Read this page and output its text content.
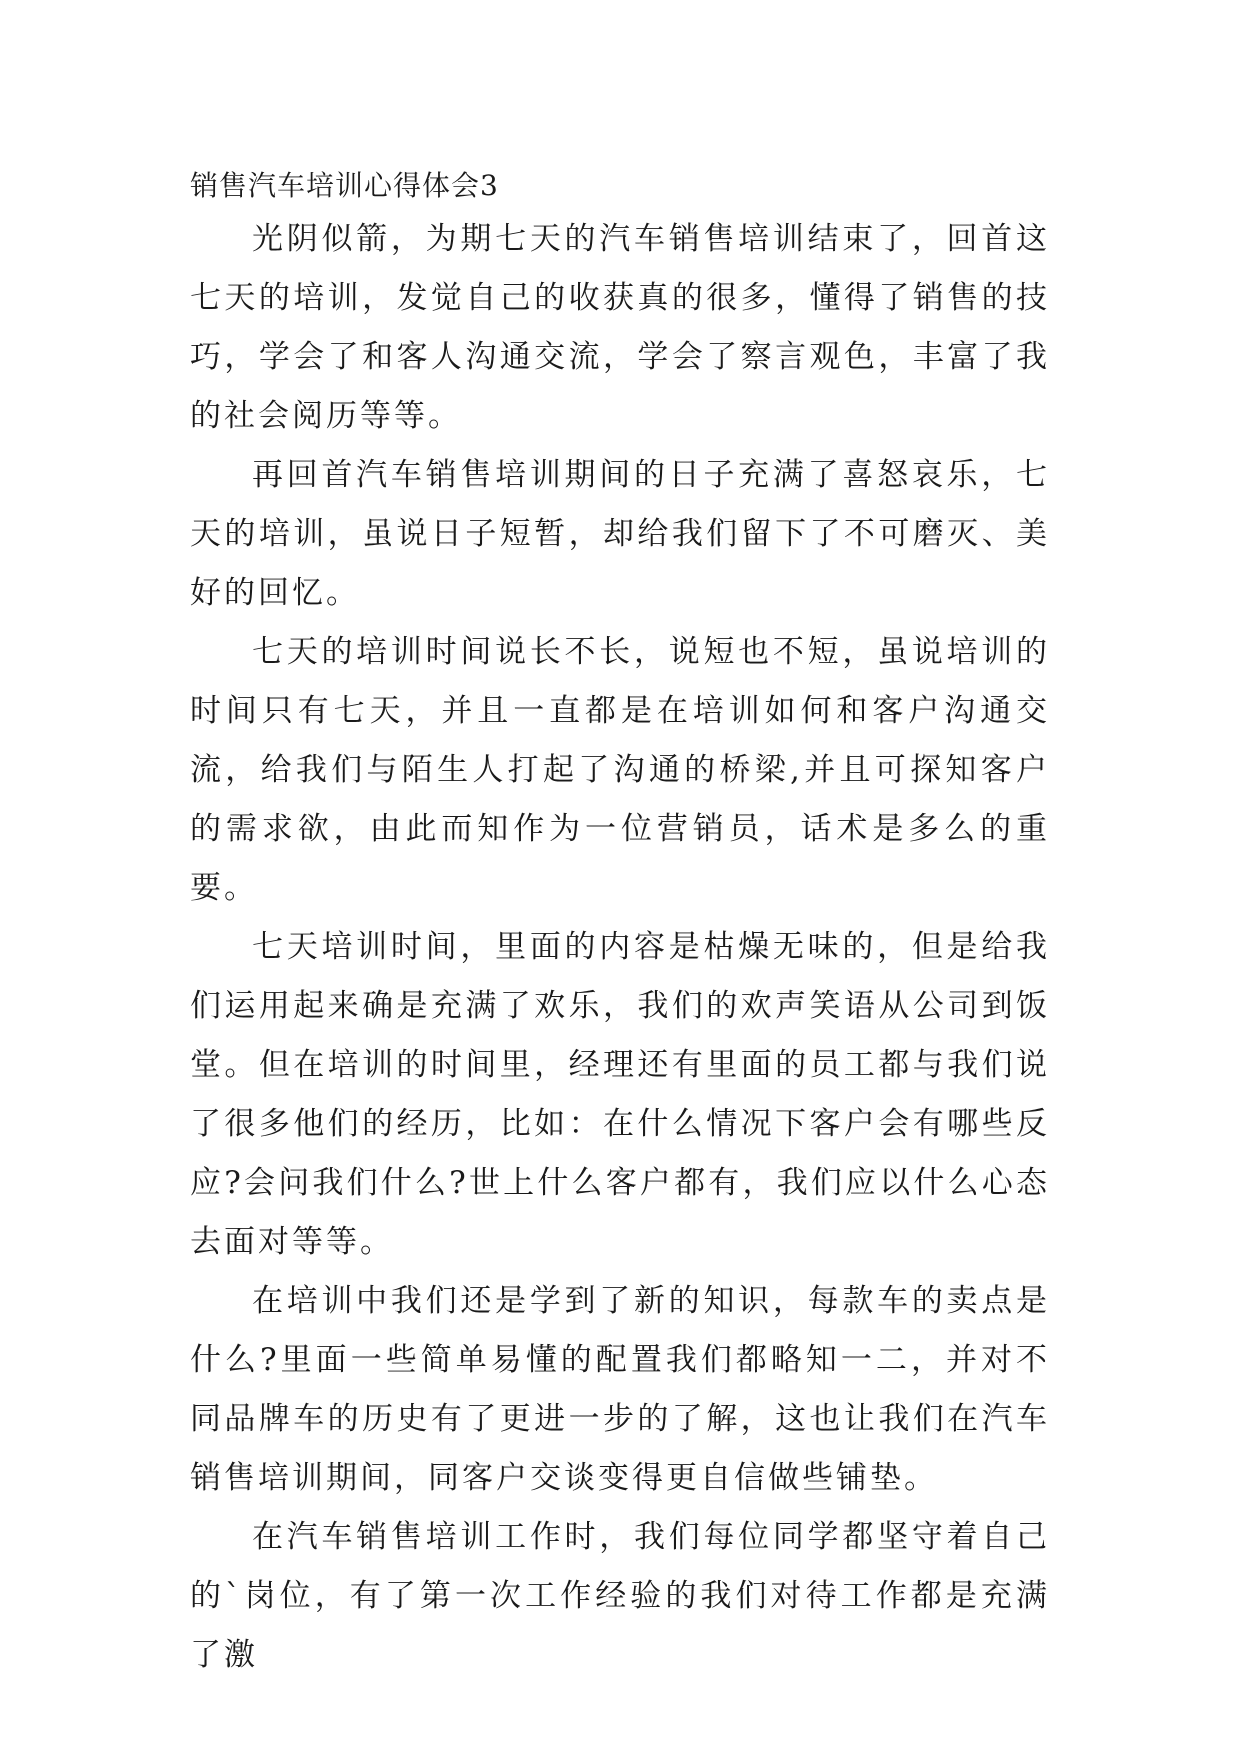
销售汽车培训心得体会3

光阴似箭，为期七天的汽车销售培训结束了，回首这七天的培训，发觉自己的收获真的很多，懂得了销售的技巧，学会了和客人沟通交流，学会了察言观色，丰富了我的社会阅历等等。

再回首汽车销售培训期间的日子充满了喜怒哀乐，七天的培训，虽说日子短暂，却给我们留下了不可磨灭、美好的回忆。

七天的培训时间说长不长，说短也不短，虽说培训的时间只有七天，并且一直都是在培训如何和客户沟通交流，给我们与陌生人打起了沟通的桥梁,并且可探知客户的需求欲，由此而知作为一位营销员，话术是多么的重要。

七天培训时间，里面的内容是枯燥无味的，但是给我们运用起来确是充满了欢乐，我们的欢声笑语从公司到饭堂。但在培训的时间里，经理还有里面的员工都与我们说了很多他们的经历，比如：在什么情况下客户会有哪些反应?会问我们什么?世上什么客户都有，我们应以什么心态去面对等等。

在培训中我们还是学到了新的知识，每款车的卖点是什么?里面一些简单易懂的配置我们都略知一二，并对不同品牌车的历史有了更进一步的了解，这也让我们在汽车销售培训期间，同客户交谈变得更自信做些铺垫。

在汽车销售培训工作时，我们每位同学都坚守着自己的`岗位，有了第一次工作经验的我们对待工作都是充满了激
